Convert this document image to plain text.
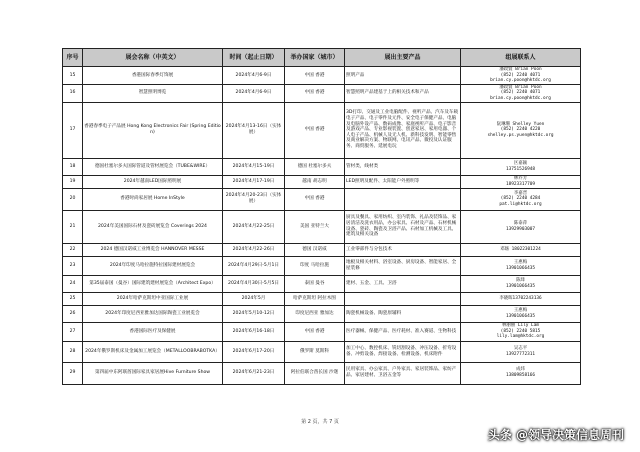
序号	展会名称（中英文）	时间（起止日期）	举办国家（城市）	展出主要产品	组展联系人
15	香港国际春季灯饰展	2024年4月6-9日	中国 香港	照明产品	潘政賢 Brian Poon
(852) 2240 4071
brian.cy.poon@hktdc.org

16	智慧照明博览	2024年4月6-9日	中国 香港	智慧照明产品建基于上的相关技术和产品	潘政賢 Brian Poon
(852) 2240 4071
brian.cy.poon@hktdc.org

17	香港春季电子产品展 Hong Kong Electronics Fair (Spring Edition)	2024年4月13-16日（实体展）	中国 香港	3D打印、交通及工业电脑配件、视听产品、汽车及车载电子产品、电子零件及元件、安全电子保健产品、电脑及电脑外设产品、数码成像、家庭视听产品、电子影音及游戏产品、专业影视装置、创意家居、家用电器、个人电子产品、机械人及无人机、新科技发明、智能零售及商业解决方案、物联网、电讯产品、微投及认证服务、商贸服务、延展电玩	阮琳珊 Shelley Yuen
(852) 2240 4220
shelley.ps.yuen@hktdc.org

18	德国杜塞尔多夫国际管道及管材展览会（TUBE&WIRE）	2024年4月15-19日	德国 杜塞尔多夫	管材类，线材类	区嘉颖
13751526948

19	2024年越南LED国际照明展	2024年4月17-19日	越南 胡志明	LED照明及配件、太阳能户外照明等	林乔芳
18923317709

20	香港时尚家居展 Home InStyle	2024年4月20-23日（实体展）	中国 香港		李嘉晋
(852) 2240 4284
pat.li@hktdc.org

21	2024年美国国际石材及瓷砖展览会 Coverings 2024	2024年4月22-25日	美国 亚特兰大	厨具及餐具、家用纺织、室内装饰、礼品及装饰品、家居清洁及洗衣用品，办公家具、石材及产品、石材机械设备、瓷砖、陶瓷及卫浴产品、石材加工机械及工具、建筑及相关设备	陈泰萍
13929903007

22	2024 德国汉诺威工业博览会 HANNOVER MESSE	2024年4月22-26日	德国 汉诺威	工业零部件与分包技术	邓旸 18022301224

23	2024年印度马哈拉施特拉国际建材展览会	2024年4月29日-5月1日	印度 马哈拉施	地板及相关材料、浴室设备、厨房设备、智能家居、全屋装修	王惠梅
13901066435

24	第35届泰国（曼谷）国际建筑建材展览会（Architect Expo）	2024年4月30日-5月5日	泰国 曼谷	建材、五金、工具、卫浴	陈烽
13901066435

25	2024年哈萨克斯坦中亚国际工业展	2024年5月	哈萨克斯坦 阿拉木图		李晓晖13702243136

26	2024年印度尼西亚雅加达国际陶瓷工业展览会	2024年5月10-12日	印度尼西亚 雅加达	陶瓷机械设备、陶瓷原辅料	王惠梅
13901066435

27	香港国际医疗及保健展	2024年6月16-18日	中国 香港	医疗器械、保健产品、医疗耗材、准入赛道、生物科技	林丽丽 Lily Lam
(852) 2240 5815
lily.lam@hktdc.org

28	2024年俄罗斯机床及金属加工展览会（METALLOOBRABOTKA）	2024年6月17-20日	俄罗斯 莫斯科	加工中心、数控机床、铣切割设备、冲压设备、折弯设备、冲剪设备、焊接设备、检测设备、机床附件	吴志平
13927772311

29	第四届中东阿联酋国际家具家居展Hive Furniture Show	2024年6月21-23日	阿拉伯联合酋长国 沙迦	民用家具、办公家具、户外家具、家居装饰品、家纺产品、家居建材、卫浴五金等	成炜
13809858166
第 2 页，共 7 页
头条 @领导决策信息周刊
